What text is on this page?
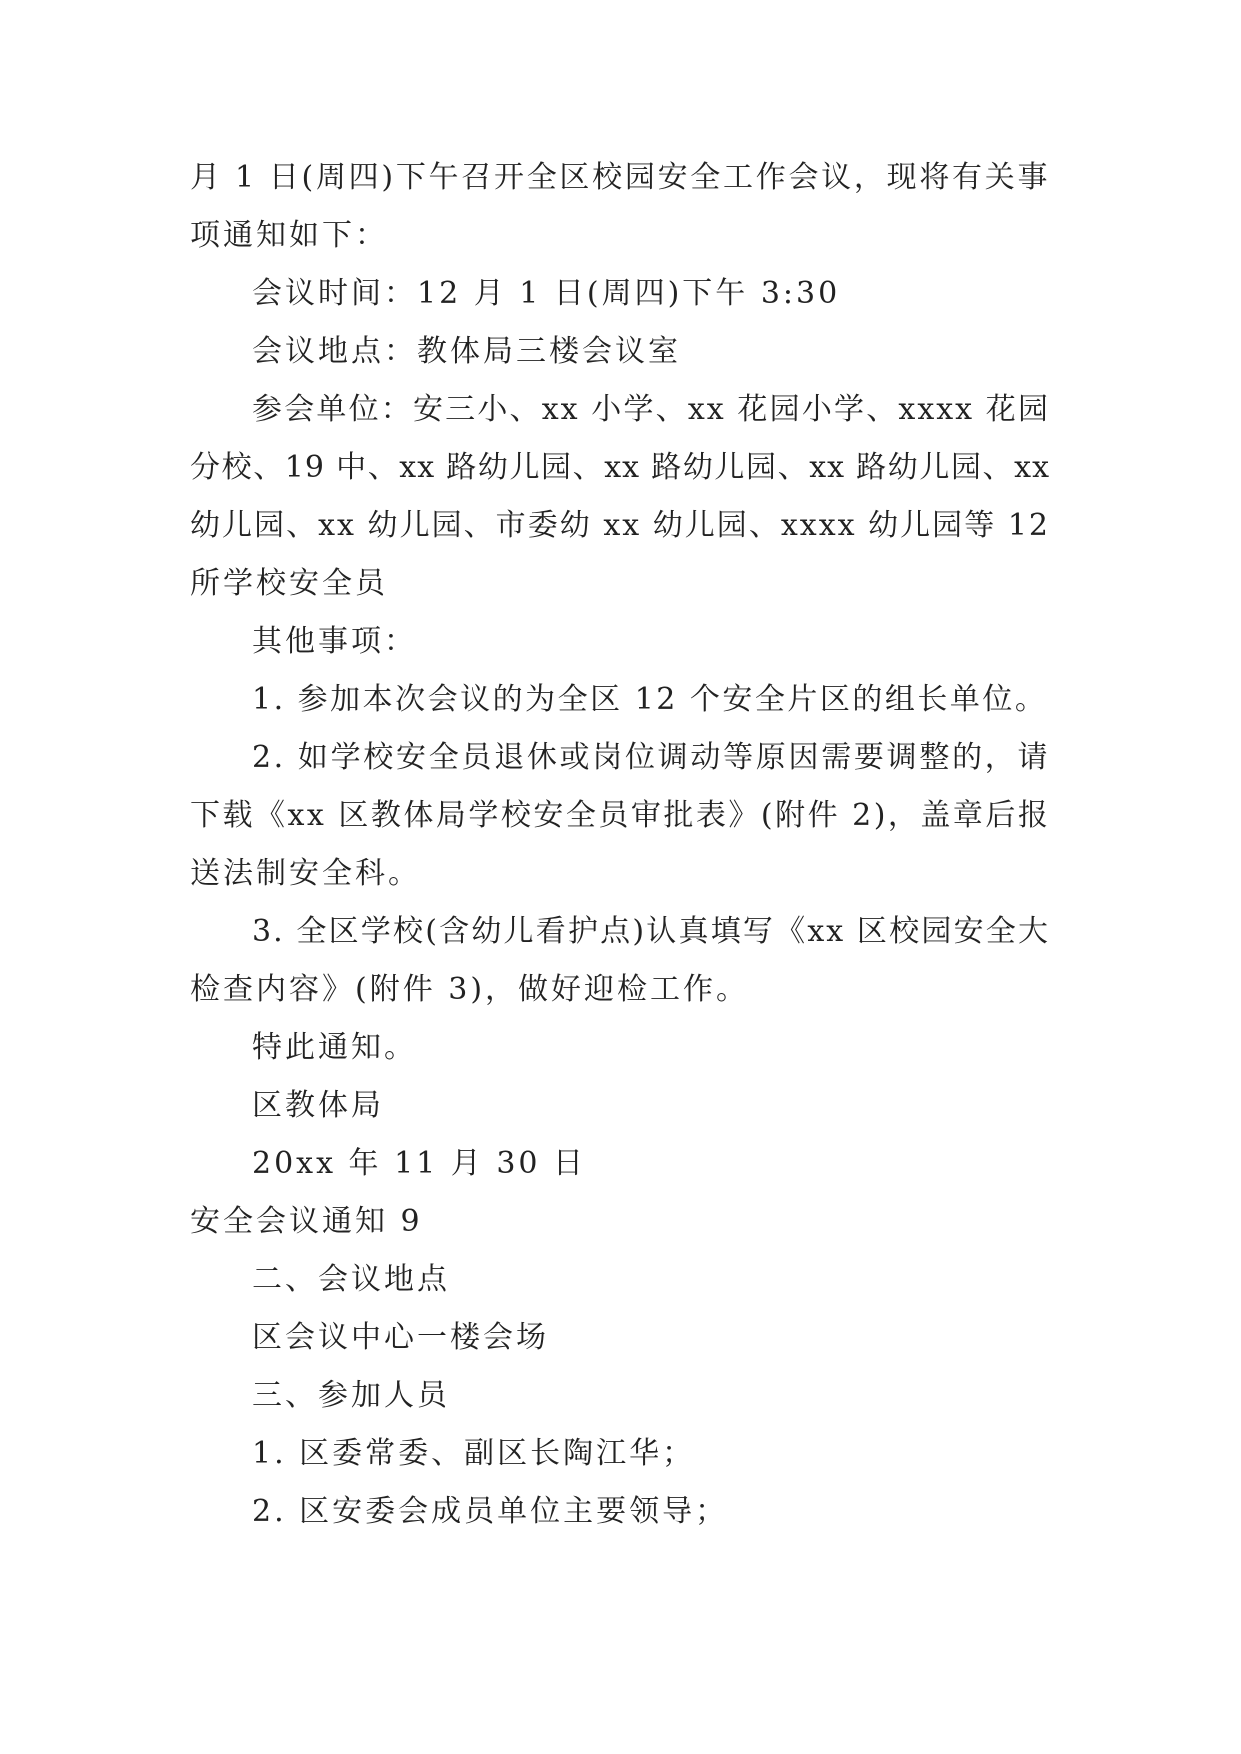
月 1 日(周四)下午召开全区校园安全工作会议，现将有关事
项通知如下：
会议时间：12 月 1 日(周四)下午 3:30
会议地点：教体局三楼会议室
参会单位：安三小、xx 小学、xx 花园小学、xxxx 花园
分校、19 中、xx 路幼儿园、xx 路幼儿园、xx 路幼儿园、xx
幼儿园、xx 幼儿园、市委幼 xx 幼儿园、xxxx 幼儿园等 12
所学校安全员
其他事项：
1. 参加本次会议的为全区 12 个安全片区的组长单位。
2. 如学校安全员退休或岗位调动等原因需要调整的，请
下载《xx 区教体局学校安全员审批表》(附件 2)，盖章后报
送法制安全科。
3. 全区学校(含幼儿看护点)认真填写《xx 区校园安全大
检查内容》(附件 3)，做好迎检工作。
特此通知。
区教体局
20xx 年 11 月 30 日
安全会议通知 9
二、会议地点
区会议中心一楼会场
三、参加人员
1. 区委常委、副区长陶江华；
2. 区安委会成员单位主要领导；
